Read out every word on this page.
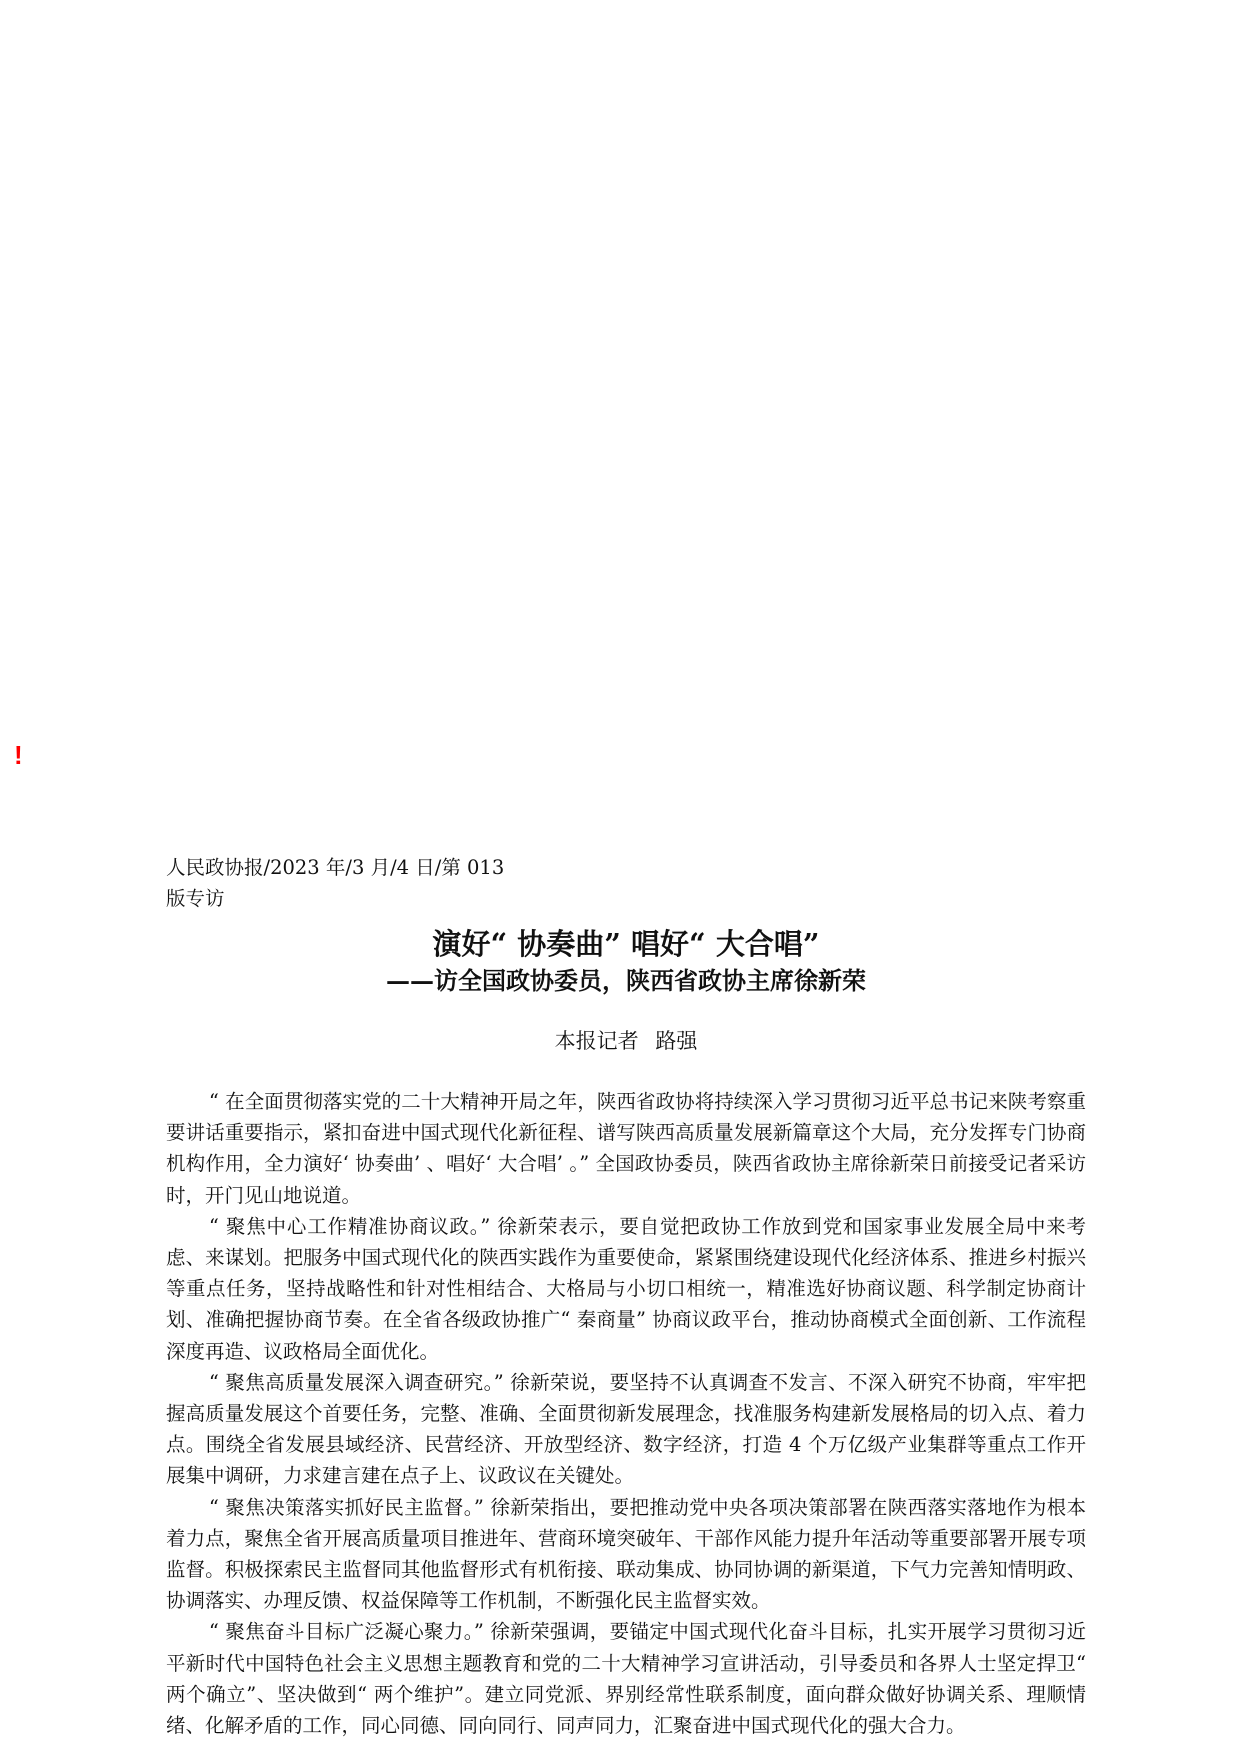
!

人民政协报/2023 年/3 月/4 日/第 013 版专访

演好“ 协奏曲” 唱好“ 大合唱”
——访全国政协委员，陕西省政协主席徐新荣
本报记者 路强

“ 在全面贯彻落实党的二十大精神开局之年，陕西省政协将持续深入学习贯彻习近平总书记来陕考察重要讲话重要指示，紧扣奋进中国式现代化新征程、谱写陕西高质量发展新篇章这个大局，充分发挥专门协商机构作用，全力演好‘ 协奏曲’ 、唱好‘ 大合唱’ 。” 全国政协委员，陕西省政协主席徐新荣日前接受记者采访时，开门见山地说道。

“ 聚焦中心工作精准协商议政。” 徐新荣表示，要自觉把政协工作放到党和国家事业发展全局中来考虑、来谋划。把服务中国式现代化的陕西实践作为重要使命，紧紧围绕建设现代化经济体系、推进乡村振兴等重点任务，坚持战略性和针对性相结合、大格局与小切口相统一，精准选好协商议题、科学制定协商计划、准确把握协商节奏。在全省各级政协推广“ 秦商量” 协商议政平台，推动协商模式全面创新、工作流程深度再造、议政格局全面优化。

“ 聚焦高质量发展深入调查研究。” 徐新荣说，要坚持不认真调查不发言、不深入研究不协商，牢牢把握高质量发展这个首要任务，完整、准确、全面贯彻新发展理念，找准服务构建新发展格局的切入点、着力点。围绕全省发展县域经济、民营经济、开放型经济、数字经济，打造 4 个万亿级产业集群等重点工作开展集中调研，力求建言建在点子上、议政议在关键处。

“ 聚焦决策落实抓好民主监督。” 徐新荣指出，要把推动党中央各项决策部署在陕西落实落地作为根本着力点，聚焦全省开展高质量项目推进年、营商环境突破年、干部作风能力提升年活动等重要部署开展专项监督。积极探索民主监督同其他监督形式有机衔接、联动集成、协同协调的新渠道，下气力完善知情明政、协调落实、办理反馈、权益保障等工作机制，不断强化民主监督实效。

“ 聚焦奋斗目标广泛凝心聚力。” 徐新荣强调，要锚定中国式现代化奋斗目标，扎实开展学习贯彻习近平新时代中国特色社会主义思想主题教育和党的二十大精神学习宣讲活动，引导委员和各界人士坚定捍卫“ 两个确立”、坚决做到“ 两个维护”。建立同党派、界别经常性联系制度，面向群众做好协调关系、理顺情绪、化解矛盾的工作，同心同德、同向同行、同声同力，汇聚奋进中国式现代化的强大合力。
